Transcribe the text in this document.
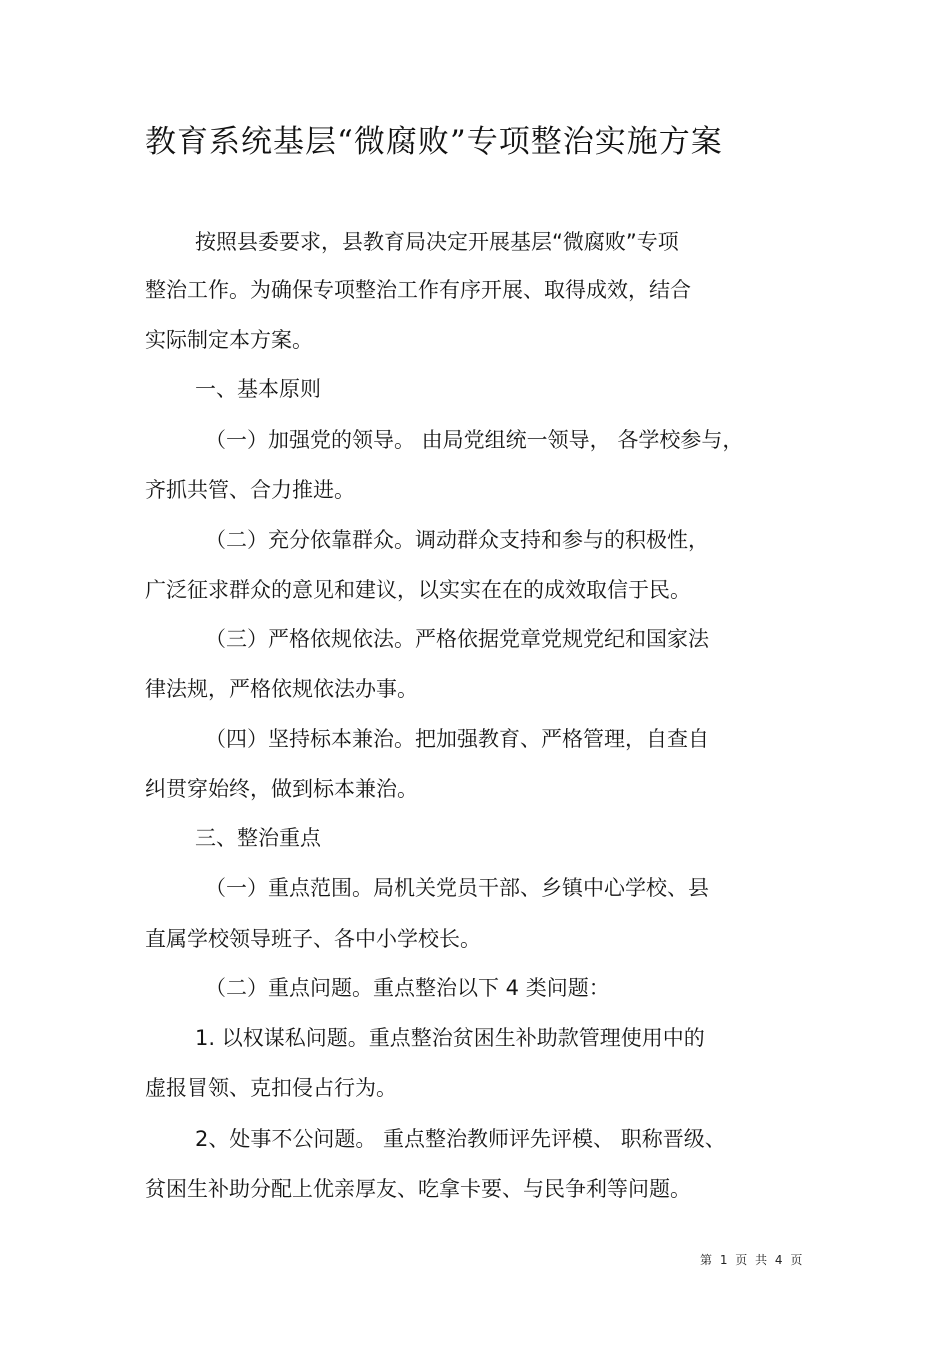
教育系统基层“微腐败”专项整治实施方案
按照县委要求，县教育局决定开展基层“微腐败”专项
整治工作。为确保专项整治工作有序开展、取得成效，结合
实际制定本方案。
一、基本原则
（一）加强党的领导。 由局党组统一领导， 各学校参与，
齐抓共管、合力推进。
（二）充分依靠群众。调动群众支持和参与的积极性，
广泛征求群众的意见和建议，以实实在在的成效取信于民。
（三）严格依规依法。严格依据党章党规党纪和国家法
律法规，严格依规依法办事。
（四）坚持标本兼治。把加强教育、严格管理，自查自
纠贯穿始终，做到标本兼治。
三、整治重点
（一）重点范围。局机关党员干部、乡镇中心学校、县
直属学校领导班子、各中小学校长。
（二）重点问题。重点整治以下 4 类问题：
1. 以权谋私问题。重点整治贫困生补助款管理使用中的
虚报冒领、克扣侵占行为。
2、处事不公问题。 重点整治教师评先评模、 职称晋级、
贫困生补助分配上优亲厚友、吃拿卡要、与民争利等问题。
第 1 页 共 4 页
